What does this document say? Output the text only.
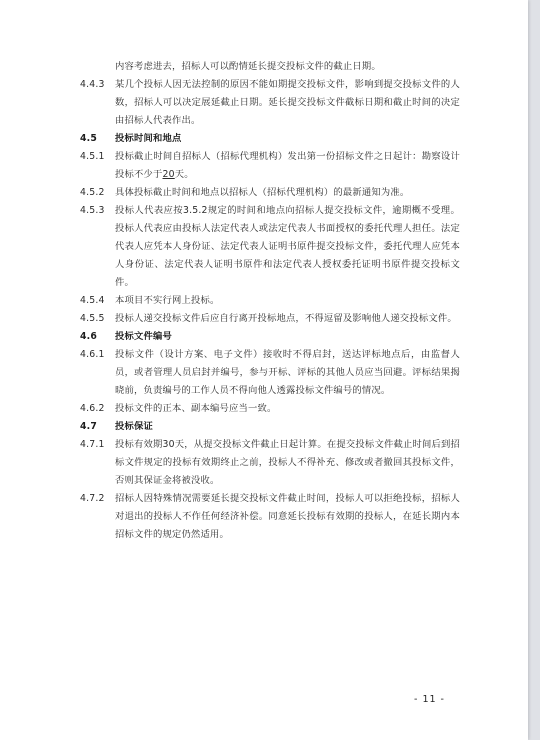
内容考虑进去，招标人可以酌情延长提交投标文件的截止日期。
4.4.3	某几个投标人因无法控制的原因不能如期提交投标文件，影响到提交投标文件的人数，招标人可以决定展延截止日期。延长提交投标文件截标日期和截止时间的决定由招标人代表作出。
4.5	投标时间和地点
4.5.1	投标截止时间自招标人（招标代理机构）发出第一份招标文件之日起计：勘察设计投标不少于20天。
4.5.2	具体投标截止时间和地点以招标人（招标代理机构）的最新通知为准。
4.5.3	投标人代表应按3.5.2规定的时间和地点向招标人提交投标文件，逾期概不受理。投标人代表应由投标人法定代表人或法定代表人书面授权的委托代理人担任。法定代表人应凭本人身份证、法定代表人证明书原件提交投标文件，委托代理人应凭本人身份证、法定代表人证明书原件和法定代表人授权委托证明书原件提交投标文件。
4.5.4	本项目不实行网上投标。
4.5.5	投标人递交投标文件后应自行离开投标地点，不得逗留及影响他人递交投标文件。
4.6	投标文件编号
4.6.1	投标文件（设计方案、电子文件）接收时不得启封，送达评标地点后，由监督人员，或者管理人员启封并编号，参与开标、评标的其他人员应当回避。评标结果揭晓前，负责编号的工作人员不得向他人透露投标文件编号的情况。
4.6.2	投标文件的正本、副本编号应当一致。
4.7	投标保证
4.7.1	投标有效期30天，从提交投标文件截止日起计算。在提交投标文件截止时间后到招标文件规定的投标有效期终止之前，投标人不得补充、修改或者撤回其投标文件，否则其保证金将被没收。
4.7.2	招标人因特殊情况需要延长提交投标文件截止时间，投标人可以拒绝投标，招标人对退出的投标人不作任何经济补偿。同意延长投标有效期的投标人，在延长期内本招标文件的规定仍然适用。
- 11 -
